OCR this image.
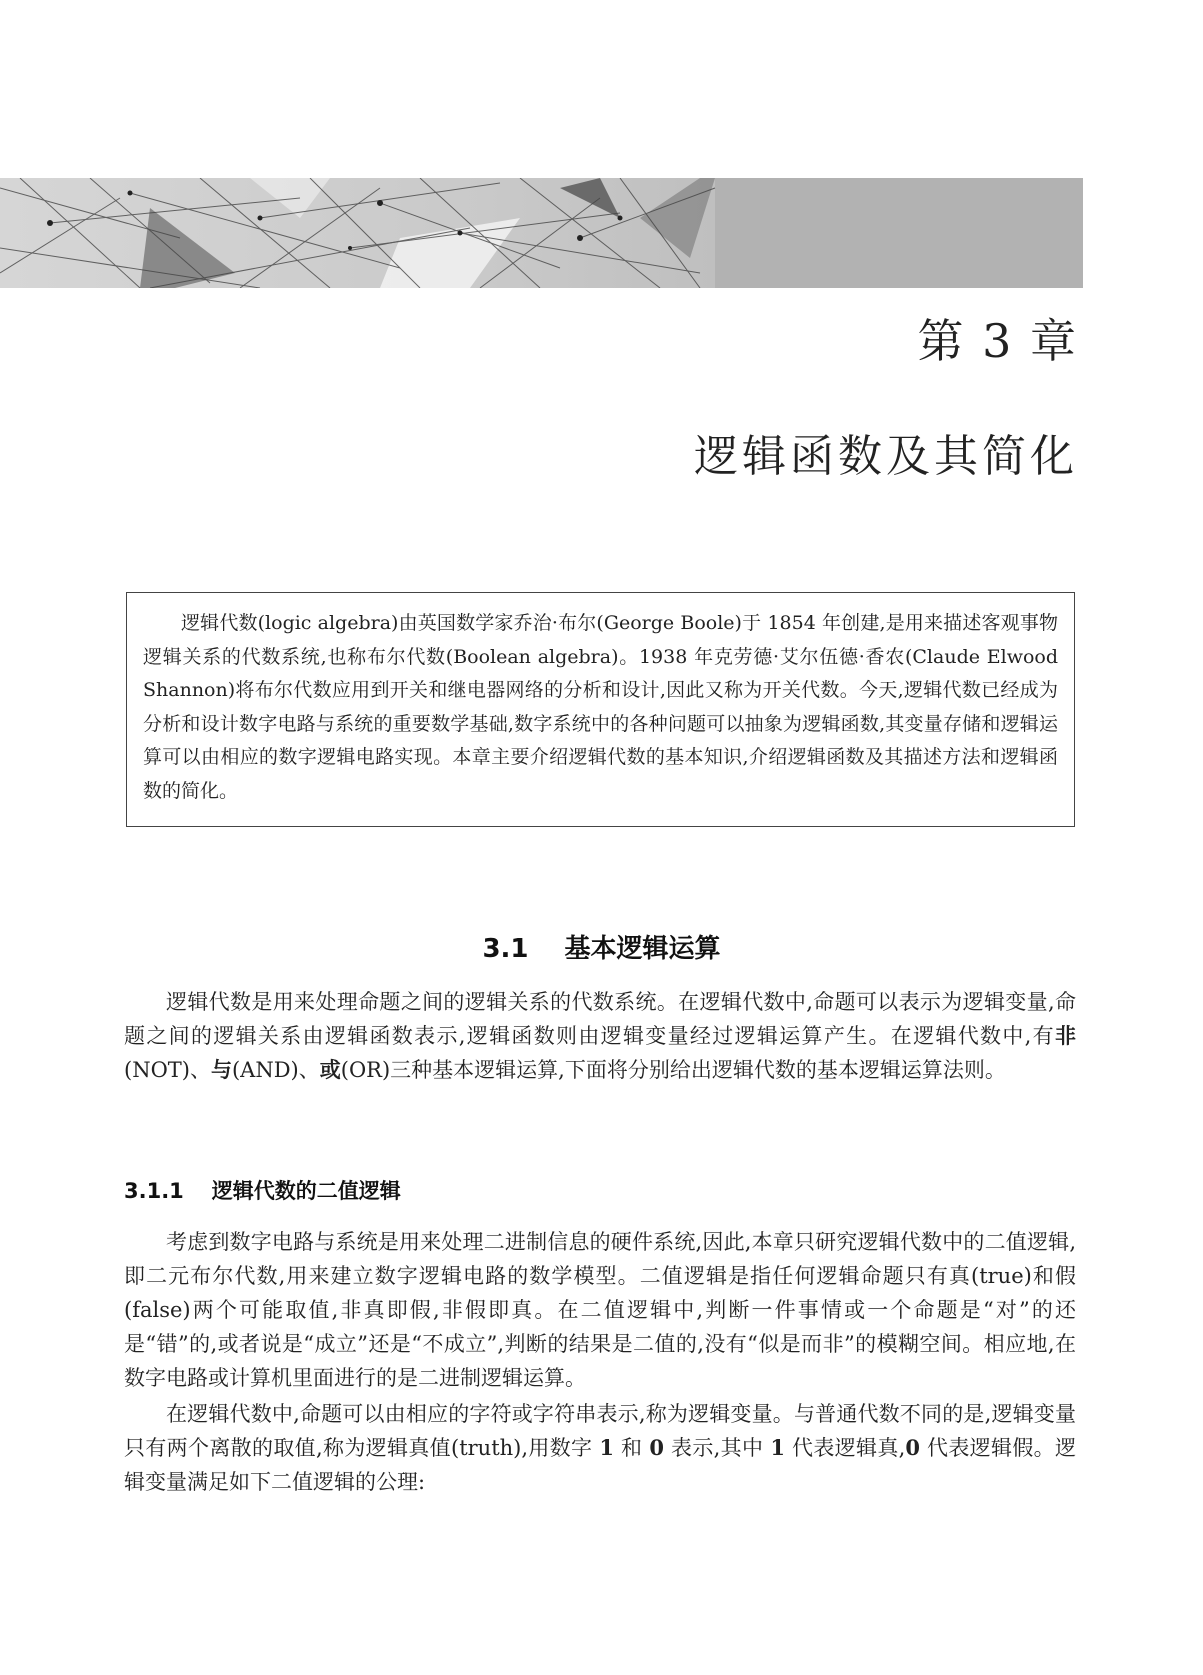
第 3 章
逻辑函数及其简化
逻辑代数(logic algebra)由英国数学家乔治·布尔(George Boole)于 1854 年创建,是用来描述客观事物逻辑关系的代数系统,也称布尔代数(Boolean algebra)。1938 年克劳德·艾尔伍德·香农(Claude Elwood Shannon)将布尔代数应用到开关和继电器网络的分析和设计,因此又称为开关代数。今天,逻辑代数已经成为分析和设计数字电路与系统的重要数学基础,数字系统中的各种问题可以抽象为逻辑函数,其变量存储和逻辑运算可以由相应的数字逻辑电路实现。本章主要介绍逻辑代数的基本知识,介绍逻辑函数及其描述方法和逻辑函数的简化。
3.1 基本逻辑运算

逻辑代数是用来处理命题之间的逻辑关系的代数系统。在逻辑代数中,命题可以表示为逻辑变量,命题之间的逻辑关系由逻辑函数表示,逻辑函数则由逻辑变量经过逻辑运算产生。在逻辑代数中,有非(NOT)、与(AND)、或(OR)三种基本逻辑运算,下面将分别给出逻辑代数的基本逻辑运算法则。

3.1.1 逻辑代数的二值逻辑

考虑到数字电路与系统是用来处理二进制信息的硬件系统,因此,本章只研究逻辑代数中的二值逻辑,即二元布尔代数,用来建立数字逻辑电路的数学模型。二值逻辑是指任何逻辑命题只有真(true)和假(false)两个可能取值,非真即假,非假即真。在二值逻辑中,判断一件事情或一个命题是“对”的还是“错”的,或者说是“成立”还是“不成立”,判断的结果是二值的,没有“似是而非”的模糊空间。相应地,在数字电路或计算机里面进行的是二进制逻辑运算。

在逻辑代数中,命题可以由相应的字符或字符串表示,称为逻辑变量。与普通代数不同的是,逻辑变量只有两个离散的取值,称为逻辑真值(truth),用数字 1 和 0 表示,其中 1 代表逻辑真,0 代表逻辑假。逻辑变量满足如下二值逻辑的公理:
